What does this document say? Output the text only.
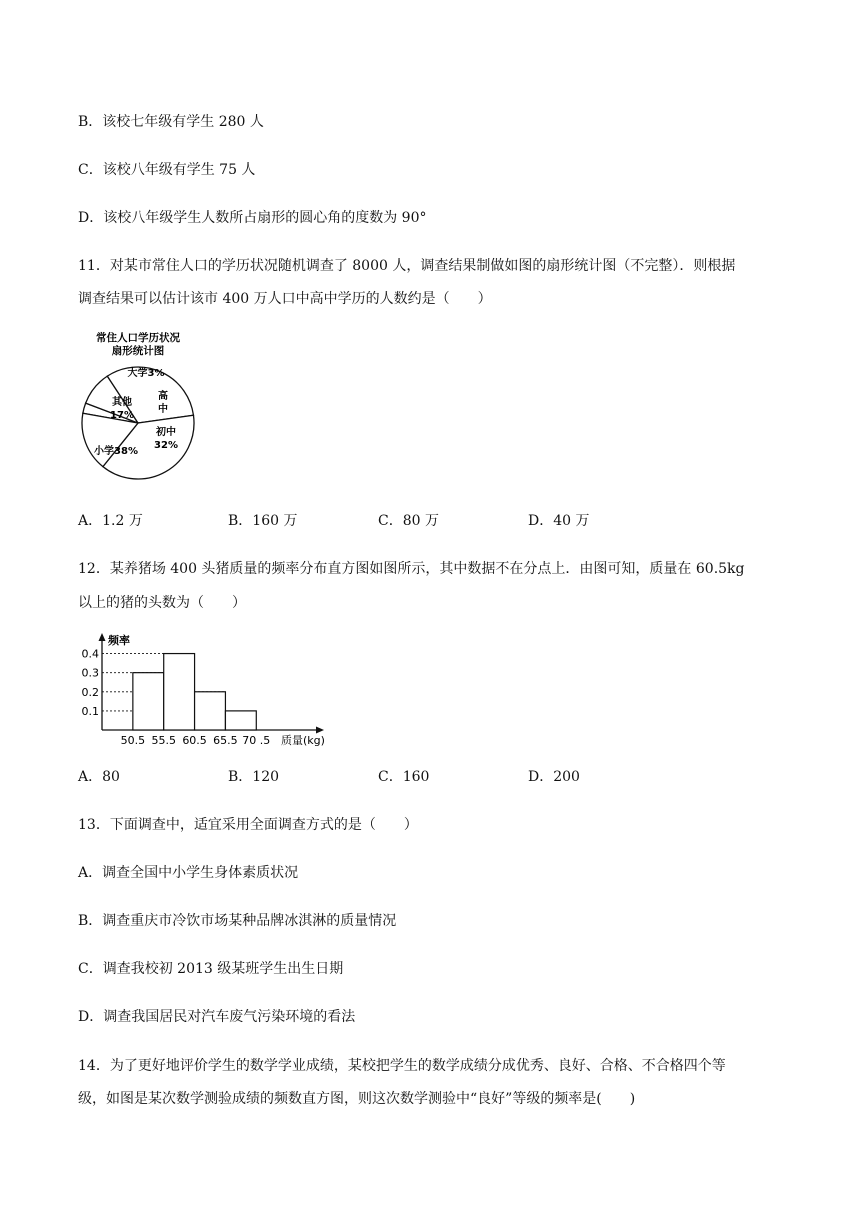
B．该校七年级有学生 280 人
C．该校八年级有学生 75 人
D．该校八年级学生人数所占扇形的圆心角的度数为 90°
11．对某市常住人口的学历状况随机调查了 8000 人，调查结果制做如图的扇形统计图（不完整）．则根据
调查结果可以估计该市 400 万人口中高中学历的人数约是（　　）
常住人口学历状况
扇形统计图
大学3%
高
中
初中
32%
小学38%
其他
17%
A．1.2 万	B．160 万	C．80 万	D．40 万
12．某养猪场 400 头猪质量的频率分布直方图如图所示，其中数据不在分点上．由图可知，质量在 60.5kg
以上的猪的头数为（　　）
频率
0.1
0.2
0.3
0.4
50.5 55.5 60.5 65.5 70 .5 质量(kg)
A．80	B．120	C．160	D．200
13．下面调查中，适宜采用全面调查方式的是（　　）
A．调查全国中小学生身体素质状况
B．调查重庆市冷饮市场某种品牌冰淇淋的质量情况
C．调查我校初 2013 级某班学生出生日期
D．调查我国居民对汽车废气污染环境的看法
14．为了更好地评价学生的数学学业成绩，某校把学生的数学成绩分成优秀、良好、合格、不合格四个等
级，如图是某次数学测验成绩的频数直方图，则这次数学测验中“良好”等级的频率是(　　)
